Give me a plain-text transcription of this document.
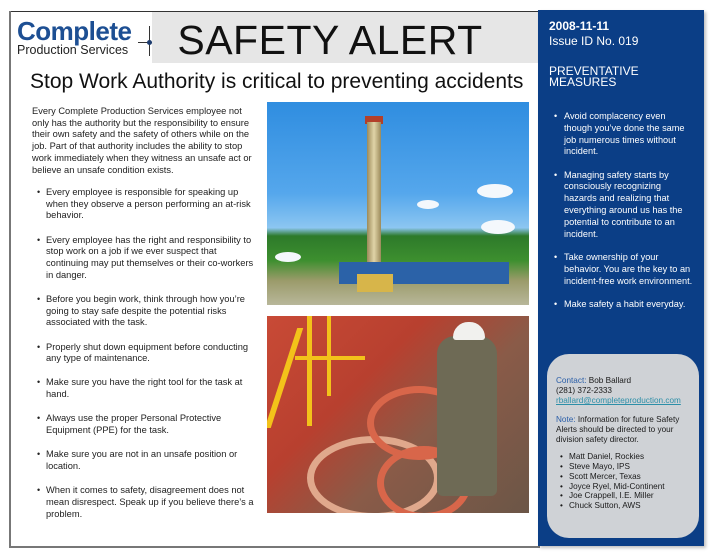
Complete
Production Services	SAFETY ALERT
Stop Work Authority is critical to preventing accidents

Every Complete Production Services employee not only has the authority but the responsibility to ensure their own safety and the safety of others while on the job. Part of that authority includes the ability to stop work immediately when they witness an unsafe act or believe an unsafe condition exists.

• Every employee is responsible for speaking up when they observe a person performing an at-risk behavior.
• Every employee has the right and responsibility to stop work on a job if we ever suspect that continuing may put themselves or their co-workers in danger.
• Before you begin work, think through how you’re going to stay safe despite the potential risks associated with the task.
• Properly shut down equipment before conducting any type of maintenance.
• Make sure you have the right tool for the task at hand.
• Always use the proper Personal Protective Equipment (PPE) for the task.
• Make sure you are not in an unsafe position or location.
• When it comes to safety, disagreement does not mean disrespect. Speak up if you believe there’s a problem.
2008-11-11
Issue ID No. 019
PREVENTATIVE MEASURES
• Avoid complacency even though you’ve done the same job numerous times without incident.
• Managing safety starts by consciously recognizing hazards and realizing that everything around us has the potential to contribute to an incident.
• Take ownership of your behavior. You are the key to an incident-free work environment.
• Make safety a habit everyday.
Contact: Bob Ballard
(281) 372-2333
rballard@completeproduction.com
Note: Information for future Safety Alerts should be directed to your division safety director.
• Matt Daniel, Rockies
• Steve Mayo, IPS
• Scott Mercer, Texas
• Joyce Ryel, Mid-Continent
• Joe Crappell, I.E. Miller
• Chuck Sutton, AWS
